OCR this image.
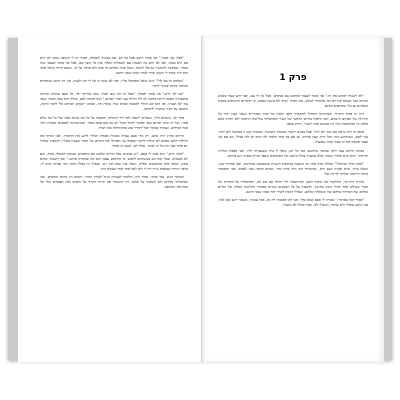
"אבל, אני אומר," אני אומר ויושב אבל פה לא, כמו בסוגיה לשאלה, תמיד יש לי תשובה שאני לא יודע אם היא נכונה, ואני לא יודע מה לעשות עם השאלות האלה שהן כל הזמן שם, אבל אני אומר לעצמי שזה בסדר, שאפשר להמשיך גם בלי לדעת, ושכל אחד מאיתנו חי ככה ולא מדבר על זה, ושאם הייתי שואל אותו הוא היה אומר לי משהו אחר לגמרי ממה שאני חושב.

"מאיפה זה בא לך?" הוא שואל ומסתכל עליי, ואני לא עונה כי אין לי מה לענות, אני רק מושך בכתפיים ומחכה שהוא ימשיך לדבר.

"אני לא יודע," אני אומר לבסוף, "אבל זה היה שם תמיד, מאז שהייתי ילד, כל פעם שחזרנו הביתה מהעבודה ואמא הייתה מחכה לנו ליד הדלת עם האור הצהוב." הוא מהנהן לאט, כאילו הוא מבין משהו שאני עוד לא הבנתי, ואז הוא קם והולך למטבח ומביא שתי כוסות תה, ואנחנו יושבים ושותים בלי לדבר הרבה, והשעון על הקיר ממשיך לתקתק.

אחר כך, כשהוא הלך, נשארתי לשבת לבד ליד השולחן וחשבתי על כל מה שהוא אמר ועל כל מה שלא אמר, ועל זה שיש דברים שאי אפשר להגיד בקול רם גם כשרוצים מאוד, ושהשתיקה לפעמים אומרת יותר מכל המילים, ושמחר בבוקר הכל יתחיל שוב מההתחלה כמו תמיד.

הרחוב בחוץ היה שקט, רק מדי פעם עברה מכונית ופנסיה האירו לרגע את התקרה, ואני זכרתי את הלילות ההם שבהם לא יכולתי לישון ושכבתי ער וספרתי את הקווים של האור שעברו מעליי, וחשבתי שאולי יום אחד אבין מה כל זה אומר, ואולי לא, ושגם זה בסדר.

"אתה יודע," הוא אמר לי פעם, "יש אנשים שכל החיים שלהם הם מחפשים תשובה לשאלה אחת, והם לא מוצאים, ובכל זאת הם ממשיכים לחפש, כי החיפוש עצמו הוא מה שמחזיק אותם." ואני חשבתי שהוא צודק, ושאני אחד מהאנשים האלה, ושאין בזה שום דבר רע, ושאולי זה בכלל הדבר הכי אמיתי שיש לי, הדבר היחיד שבאמת שייך רק לי ולא לאף אחד אחר בעולם הזה.

והבוקר הגיע, כמו תמיד, אפור ולח, והלכתי לעבודה ברגל לאורך הנהר, והמים היו כהים ושקטים, ואני הסתכלתי עליהם ולא חשבתי על כלום, רק הרגשתי את הרוח הקרה על הפנים ואת הצעדים שלי על המדרכה הרטובה.

פרק 1

"לא לשכוח לכתוב את זה," אני אומר לעצמי ומחפש עט בכיסים, אבל אין לי עט, ואני יודע שעד שאגיע הביתה כבר אשכח את רוב מה שרציתי לכתוב, כמו תמיד, ושזה לא משנה באמת, כי הדברים החשובים באמת נשארים גם בלי שכותבים אותם.

היה זה בסוף החורף, כשהימים התחילו להתארך לאט והאור של אחר הצהריים נשאר קצת יותר על הקירות של הבתים הישנים, ואני הלכתי ברחוב הראשי של העיר והסתכלתי בחלונות הראווה ולא ראיתי בהם כלום, כי המחשבות שלי היו במקום אחר לגמרי, רחוק מכאן.

מכאן זה היה נראה כמו עוד יום רגיל, אבל בפנים ידעתי שמשהו השתנה, שמשהו קטן זז ממקומו ולא יחזור עוד לשם, ושמהרגע הזה הכל יהיה קצת אחרת, גם אם אף אחד מלבדי לא ישים לב לזה בכלל, וגם אם אני עצמי אשכח את זה בעוד כמה שבועות.

בפינת הרחוב עמד הזקן שמוכר עיתונים, כמו כל יום, ונופף לי בידו כשעברתי לידו, ואני נופפתי בחזרה וחייכתי, והוא קרא אחריי משהו שלא שמעתי בגלל הרעש של האוטובוס שעבר בדיוק באותו רגע ברחוב.

"אתה הולך הביתה?" שאלה אותי אחר כך השכנה מהקומה השנייה כשנפגשנו במדרגות, ואני אמרתי שכן, ושאני עייף, והיא אמרה שגם היא, ושהחורף הזה היה ארוך מדי, ושהיא מחכה כבר לאביב, ואני הסכמתי איתה וחייכתי ועליתי לדירה שלי.

בדירה היה קר, והדלקתי את התנור הקטן והתיישבתי ליד החלון עם כוס תה, והסתכלתי על האורות של העיר שנדלקו אחד אחרי השני בחושך, וחשבתי על כל האנשים שגרים מאחורי החלונות האלה, על החיים שלהם ועל הסודות שלהם ועל השאלות שלהם, שאולי דומות לשלי יותר ממה שאני חושב.

"בסוף הכל מסתדר," אמרה לי פעם אמא שלי, ואני לא האמנתי לה אז, אבל עכשיו, כשאני יושב כאן לבד, אני חושב שאולי היא צדקה, ושאולי לא, ושזה בכלל לא משנה.
